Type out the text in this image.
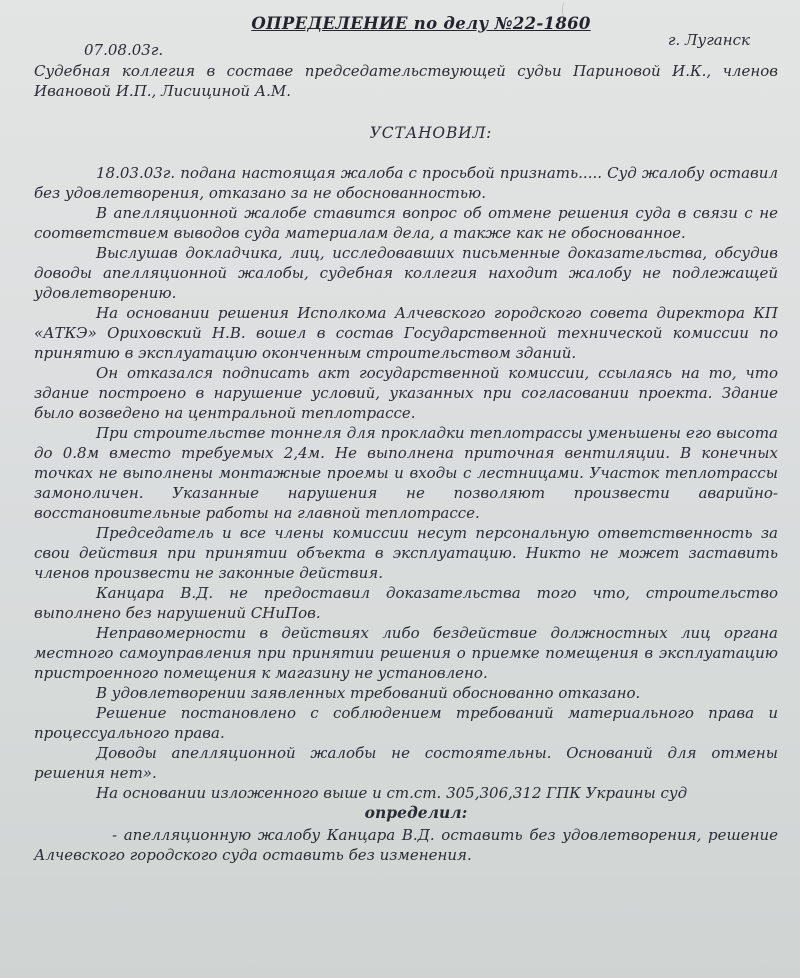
ОПРЕДЕЛЕНИЕ по делу №22-1860
07.08.03г.
г. Луганск

Судебная коллегия в составе председательствующей судьи Париновой И.К., членов Ивановой И.П., Лисициной А.М.

УСТАНОВИЛ:

18.03.03г. подана настоящая жалоба с просьбой признать..... Суд жалобу оставил без удовлетворения, отказано за не обоснованностью.

В апелляционной жалобе ставится вопрос об отмене решения суда в связи с не соответствием выводов суда материалам дела, а также как не обоснованное.

Выслушав докладчика, лиц, исследовавших письменные доказательства, обсудив доводы апелляционной жалобы, судебная коллегия находит жалобу не подлежащей удовлетворению.

На основании решения Исполкома Алчевского городского совета директора КП «АТКЭ» Ориховский Н.В. вошел в состав Государственной технической комиссии по принятию в эксплуатацию оконченным строительством зданий.

Он отказался подписать акт государственной комиссии, ссылаясь на то, что здание построено в нарушение условий, указанных при согласовании проекта. Здание было возведено на центральной теплотрассе.

При строительстве тоннеля для прокладки теплотрассы уменьшены его высота до 0.8м вместо требуемых 2,4м. Не выполнена приточная вентиляции. В конечных точках не выполнены монтажные проемы и входы с лестницами. Участок теплотрассы замоноличен. Указанные нарушения не позволяют произвести аварийно-восстановительные работы на главной теплотрассе.

Председатель и все члены комиссии несут персональную ответственность за свои действия при принятии объекта в эксплуатацию. Никто не может заставить членов произвести не законные действия.

Канцара В.Д. не предоставил доказательства того что, строительство выполнено без нарушений СНиПов.

Неправомерности в действиях либо бездействие должностных лиц органа местного самоуправления при принятии решения о приемке помещения в эксплуатацию пристроенного помещения к магазину не установлено.

В удовлетворении заявленных требований обоснованно отказано.

Решение постановлено с соблюдением требований материального права и процессуального права.

Доводы апелляционной жалобы не состоятельны. Оснований для отмены решения нет».

На основании изложенного выше и ст.ст. 305,306,312 ГПК Украины суд

определил:

- апелляционную жалобу Канцара В.Д. оставить без удовлетворения, решение Алчевского городского суда оставить без изменения.
